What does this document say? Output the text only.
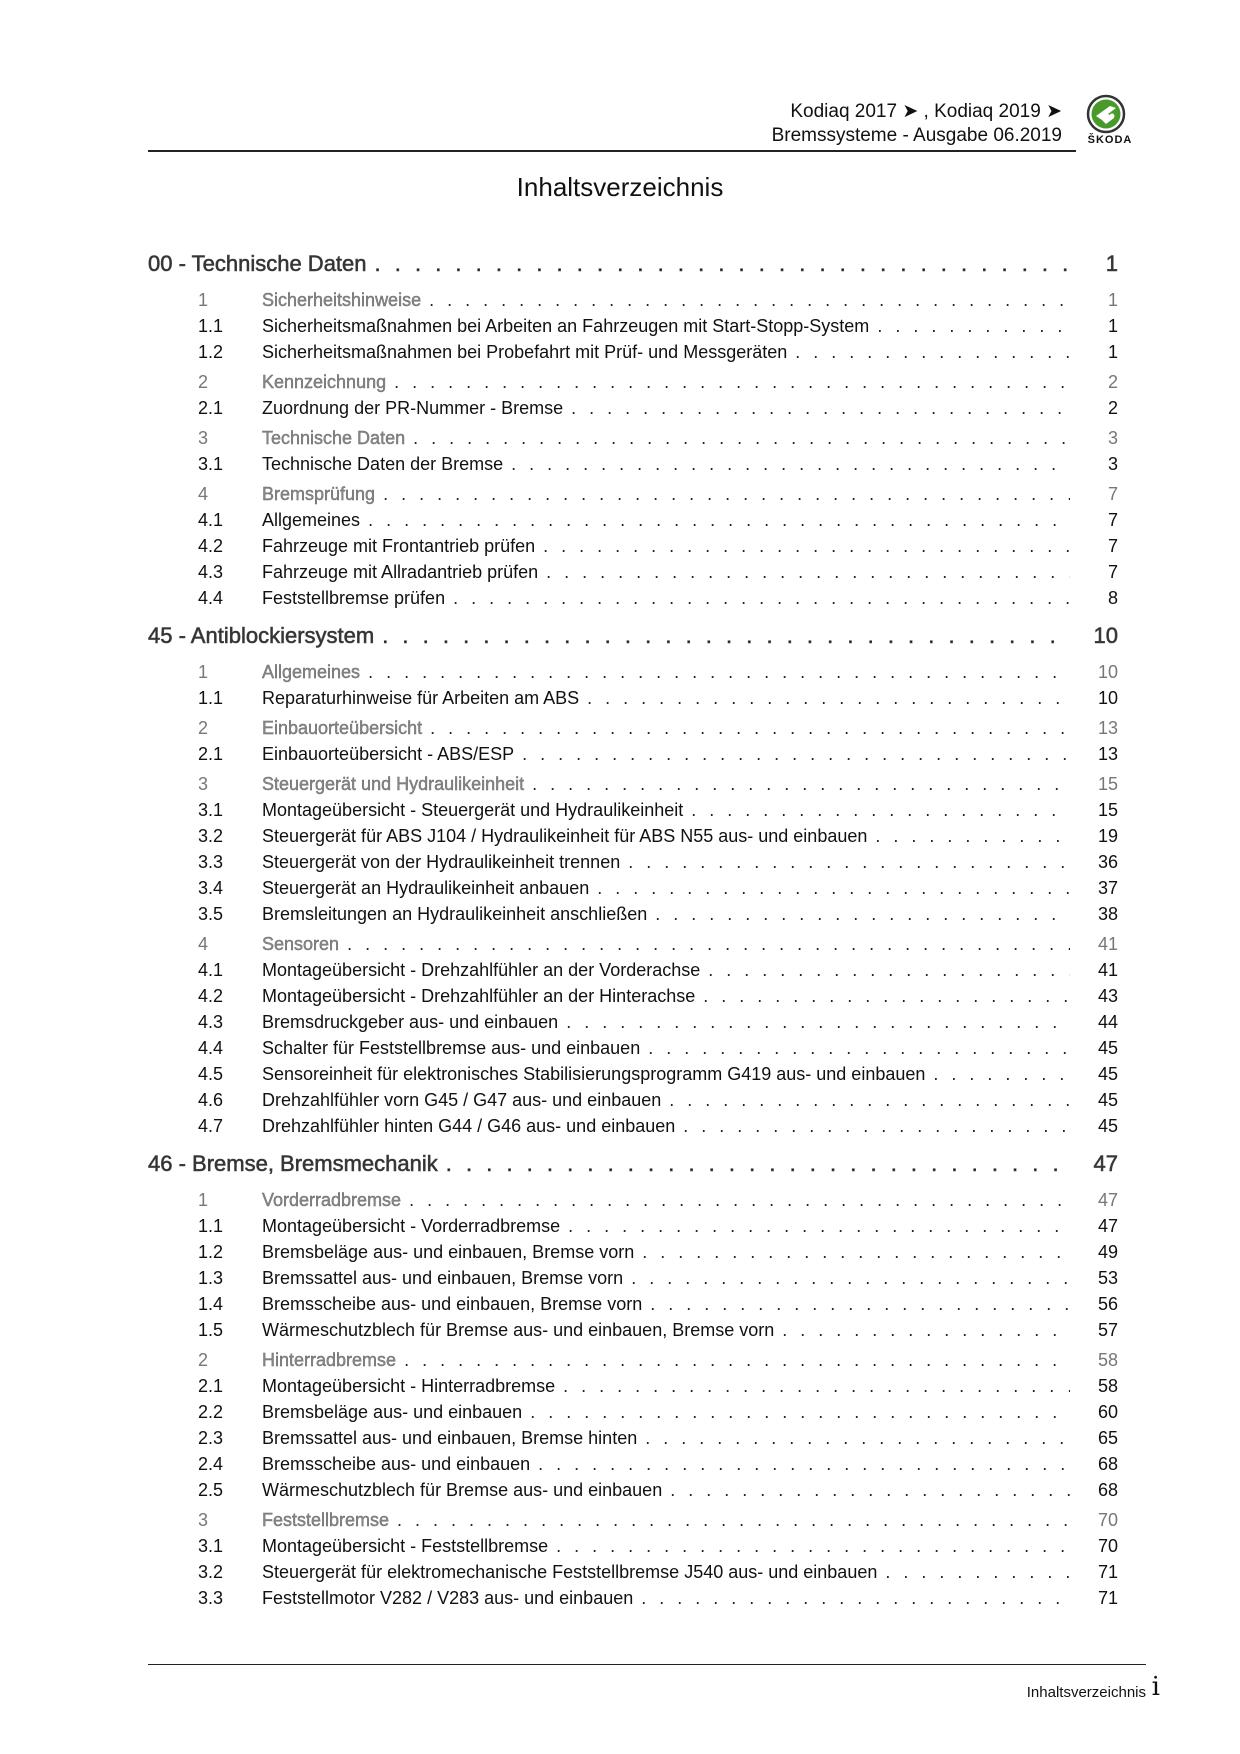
Kodiaq 2017 ➤ , Kodiaq 2019 ➤
Bremssysteme - Ausgabe 06.2019	ŠKODA
Inhaltsverzeichnis
00 - Technische Daten . . .	1
1	Sicherheitshinweise . . .	1
1.1	Sicherheitsmaßnahmen bei Arbeiten an Fahrzeugen mit Start-Stopp-System . . .	1
1.2	Sicherheitsmaßnahmen bei Probefahrt mit Prüf- und Messgeräten . . .	1
2	Kennzeichnung . . .	2
2.1	Zuordnung der PR-Nummer - Bremse . . .	2
3	Technische Daten . . .	3
3.1	Technische Daten der Bremse . . .	3
4	Bremsprüfung . . .	7
4.1	Allgemeines . . .	7
4.2	Fahrzeuge mit Frontantrieb prüfen . . .	7
4.3	Fahrzeuge mit Allradantrieb prüfen . . .	7
4.4	Feststellbremse prüfen . . .	8
45 - Antiblockiersystem . . .	10
1	Allgemeines . . .	10
1.1	Reparaturhinweise für Arbeiten am ABS . . .	10
2	Einbauorteübersicht . . .	13
2.1	Einbauorteübersicht - ABS/ESP . . .	13
3	Steuergerät und Hydraulikeinheit . . .	15
3.1	Montageübersicht - Steuergerät und Hydraulikeinheit . . .	15
3.2	Steuergerät für ABS J104 / Hydraulikeinheit für ABS N55 aus- und einbauen . . .	19
3.3	Steuergerät von der Hydraulikeinheit trennen . . .	36
3.4	Steuergerät an Hydraulikeinheit anbauen . . .	37
3.5	Bremsleitungen an Hydraulikeinheit anschließen . . .	38
4	Sensoren . . .	41
4.1	Montageübersicht - Drehzahlfühler an der Vorderachse . . .	41
4.2	Montageübersicht - Drehzahlfühler an der Hinterachse . . .	43
4.3	Bremsdruckgeber aus- und einbauen . . .	44
4.4	Schalter für Feststellbremse aus- und einbauen . . .	45
4.5	Sensoreinheit für elektronisches Stabilisierungsprogramm G419 aus- und einbauen . . .	45
4.6	Drehzahlfühler vorn G45 / G47 aus- und einbauen . . .	45
4.7	Drehzahlfühler hinten G44 / G46 aus- und einbauen . . .	45
46 - Bremse, Bremsmechanik . . .	47
1	Vorderradbremse . . .	47
1.1	Montageübersicht - Vorderradbremse . . .	47
1.2	Bremsbeläge aus- und einbauen, Bremse vorn . . .	49
1.3	Bremssattel aus- und einbauen, Bremse vorn . . .	53
1.4	Bremsscheibe aus- und einbauen, Bremse vorn . . .	56
1.5	Wärmeschutzblech für Bremse aus- und einbauen, Bremse vorn . . .	57
2	Hinterradbremse . . .	58
2.1	Montageübersicht - Hinterradbremse . . .	58
2.2	Bremsbeläge aus- und einbauen . . .	60
2.3	Bremssattel aus- und einbauen, Bremse hinten . . .	65
2.4	Bremsscheibe aus- und einbauen . . .	68
2.5	Wärmeschutzblech für Bremse aus- und einbauen . . .	68
3	Feststellbremse . . .	70
3.1	Montageübersicht - Feststellbremse . . .	70
3.2	Steuergerät für elektromechanische Feststellbremse J540 aus- und einbauen . . .	71
3.3	Feststellmotor V282 / V283 aus- und einbauen . . .	71
Inhaltsverzeichnis i
